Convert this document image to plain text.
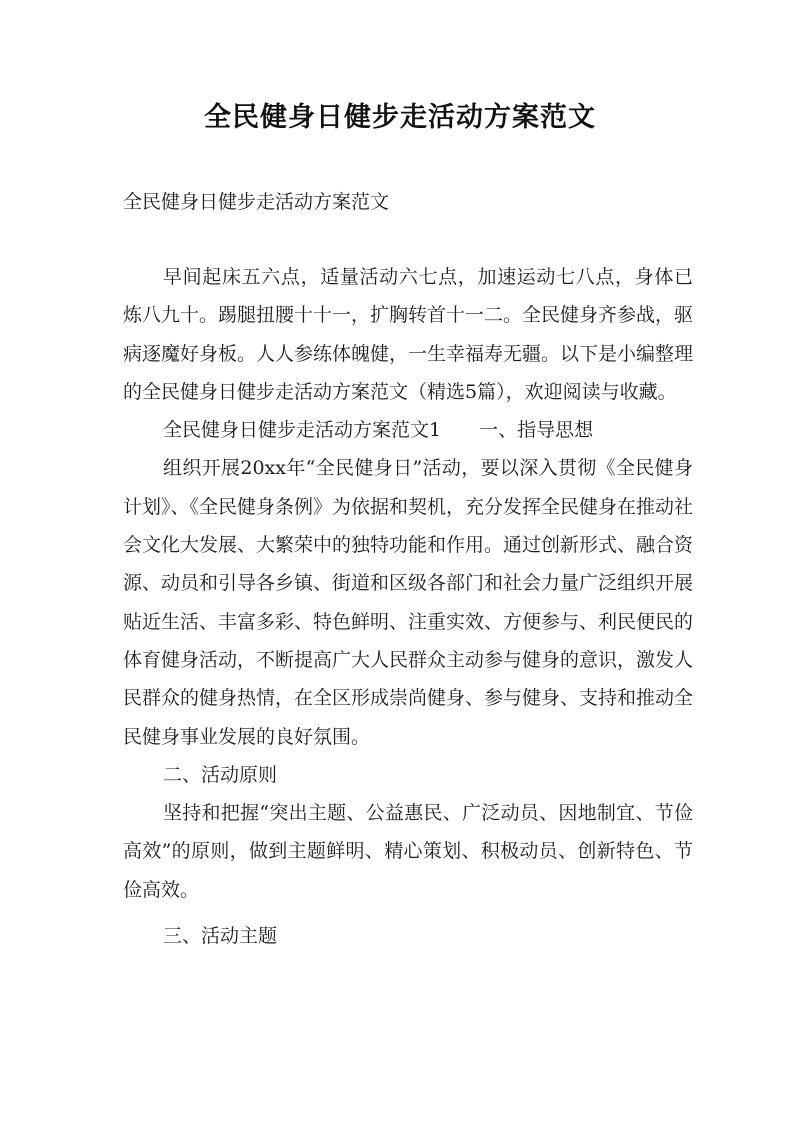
全民健身日健步走活动方案范文
全民健身日健步走活动方案范文

早间起床五六点，适量活动六七点，加速运动七八点，身体已炼八九十。踢腿扭腰十十一，扩胸转首十一二。全民健身齐参战，驱病逐魔好身板。人人参练体魄健，一生幸福寿无疆。以下是小编整理的全民健身日健步走活动方案范文（精选5篇），欢迎阅读与收藏。

全民健身日健步走活动方案范文1　　一、指导思想

组织开展20xx年“全民健身日”活动，要以深入贯彻《全民健身计划》、《全民健身条例》为依据和契机，充分发挥全民健身在推动社会文化大发展、大繁荣中的独特功能和作用。通过创新形式、融合资源、动员和引导各乡镇、街道和区级各部门和社会力量广泛组织开展贴近生活、丰富多彩、特色鲜明、注重实效、方便参与、利民便民的体育健身活动，不断提高广大人民群众主动参与健身的意识，激发人民群众的健身热情，在全区形成崇尚健身、参与健身、支持和推动全民健身事业发展的良好氛围。

二、活动原则

坚持和把握“突出主题、公益惠民、广泛动员、因地制宜、节俭高效”的原则，做到主题鲜明、精心策划、积极动员、创新特色、节俭高效。

三、活动主题
